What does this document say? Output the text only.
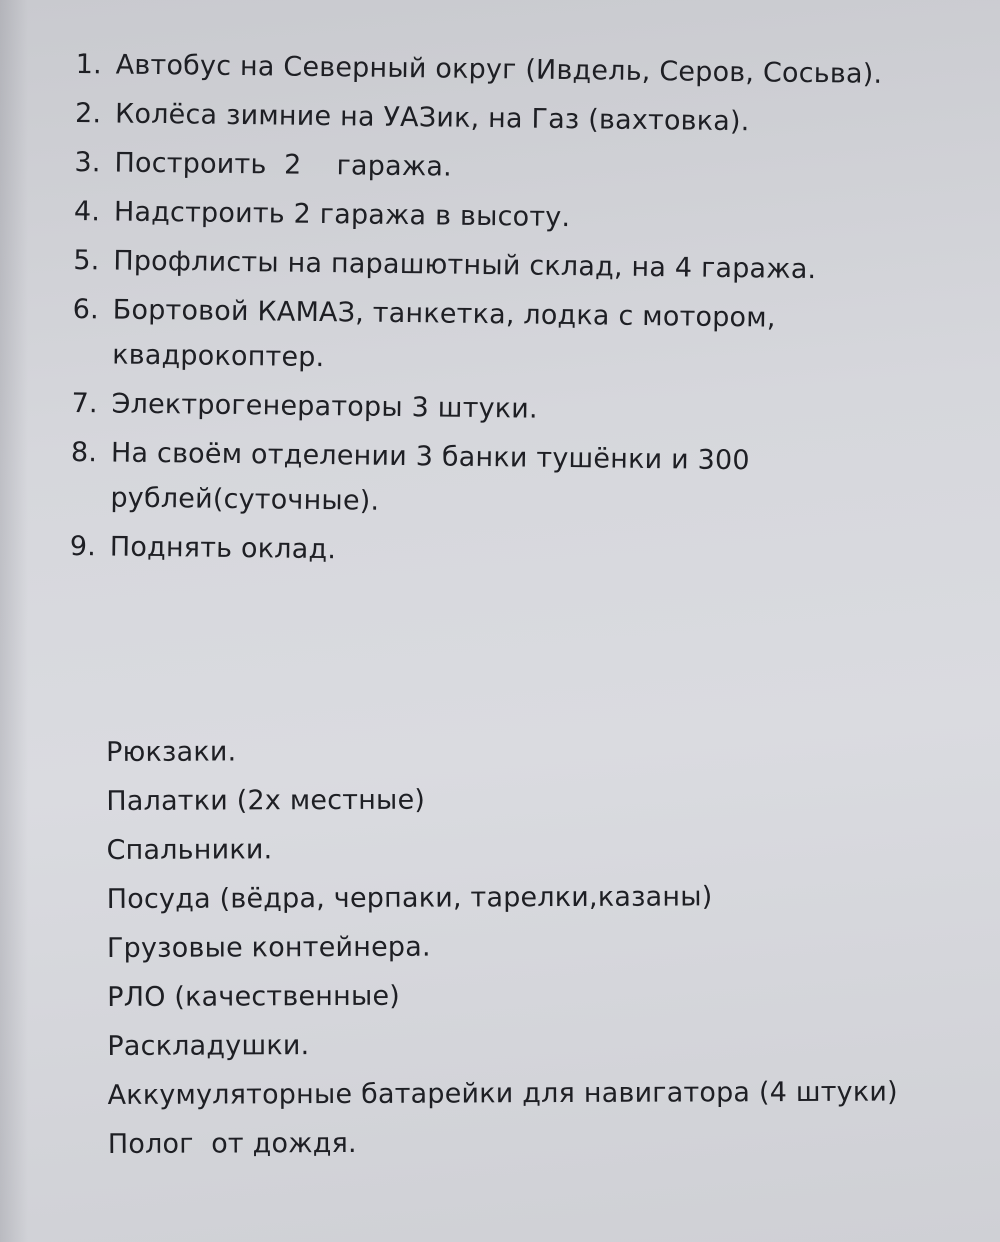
1. Автобус на Северный округ (Ивдель, Серов, Сосьва).
2. Колёса зимние на УАЗик, на Газ (вахтовка).
3. Построить  2    гаража.
4. Надстроить 2 гаража в высоту.
5. Профлисты на парашютный склад, на 4 гаража.
6. Бортовой КАМАЗ, танкетка, лодка с мотором, квадрокоптер.
7. Электрогенераторы 3 штуки.
8. На своём отделении 3 банки тушёнки и 300 рублей(суточные).
9. Поднять оклад.
Рюкзаки.
Палатки (2х местные)
Спальники.
Посуда (вёдра, черпаки, тарелки,казаны)
Грузовые контейнера.
РЛО (качественные)
Раскладушки.
Аккумуляторные батарейки для навигатора (4 штуки)
Полог  от дождя.
